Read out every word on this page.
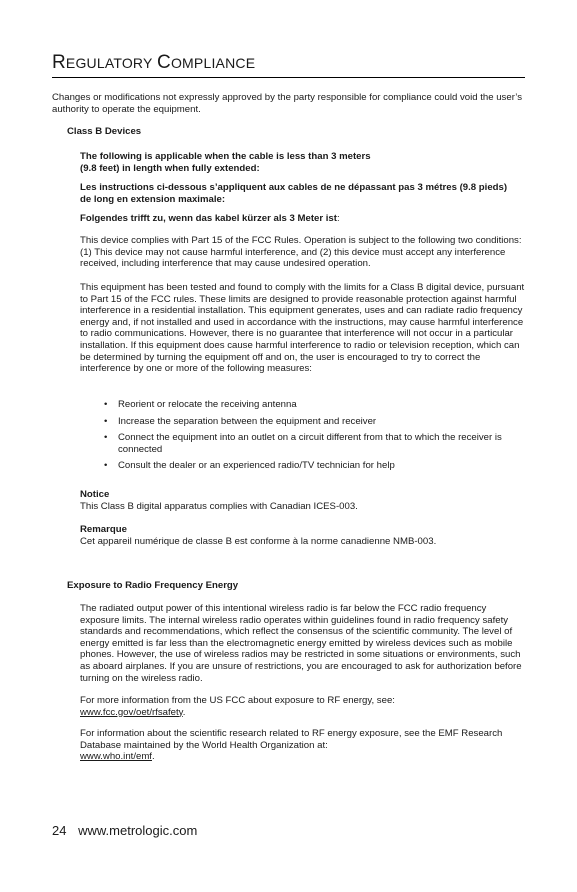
REGULATORY COMPLIANCE
Changes or modifications not expressly approved by the party responsible for compliance could void the user’s authority to operate the equipment.
Class B Devices
The following is applicable when the cable is less than 3 meters
(9.8 feet) in length when fully extended:
Les instructions ci-dessous s’appliquent aux cables de ne dépassant pas 3 métres (9.8 pieds) de long en extension maximale:
Folgendes trifft zu, wenn das kabel kürzer als 3 Meter ist:
This device complies with Part 15 of the FCC Rules. Operation is subject to the following two conditions: (1) This device may not cause harmful interference, and (2) this device must accept any interference received, including interference that may cause undesired operation.
This equipment has been tested and found to comply with the limits for a Class B digital device, pursuant to Part 15 of the FCC rules. These limits are designed to provide reasonable protection against harmful interference in a residential installation. This equipment generates, uses and can radiate radio frequency energy and, if not installed and used in accordance with the instructions, may cause harmful interference to radio communications. However, there is no guarantee that interference will not occur in a particular installation. If this equipment does cause harmful interference to radio or television reception, which can be determined by turning the equipment off and on, the user is encouraged to try to correct the interference by one or more of the following measures:
• Reorient or relocate the receiving antenna
• Increase the separation between the equipment and receiver
• Connect the equipment into an outlet on a circuit different from that to which the receiver is connected
• Consult the dealer or an experienced radio/TV technician for help
Notice
This Class B digital apparatus complies with Canadian ICES-003.
Remarque
Cet appareil numérique de classe B est conforme à la norme canadienne NMB-003.
Exposure to Radio Frequency Energy
The radiated output power of this intentional wireless radio is far below the FCC radio frequency exposure limits. The internal wireless radio operates within guidelines found in radio frequency safety standards and recommendations, which reflect the consensus of the scientific community. The level of energy emitted is far less than the electromagnetic energy emitted by wireless devices such as mobile phones. However, the use of wireless radios may be restricted in some situations or environments, such as aboard airplanes. If you are unsure of restrictions, you are encouraged to ask for authorization before turning on the wireless radio.
For more information from the US FCC about exposure to RF energy, see:
www.fcc.gov/oet/rfsafety.
For information about the scientific research related to RF energy exposure, see the EMF Research Database maintained by the World Health Organization at:
www.who.int/emf.
24 www.metrologic.com
